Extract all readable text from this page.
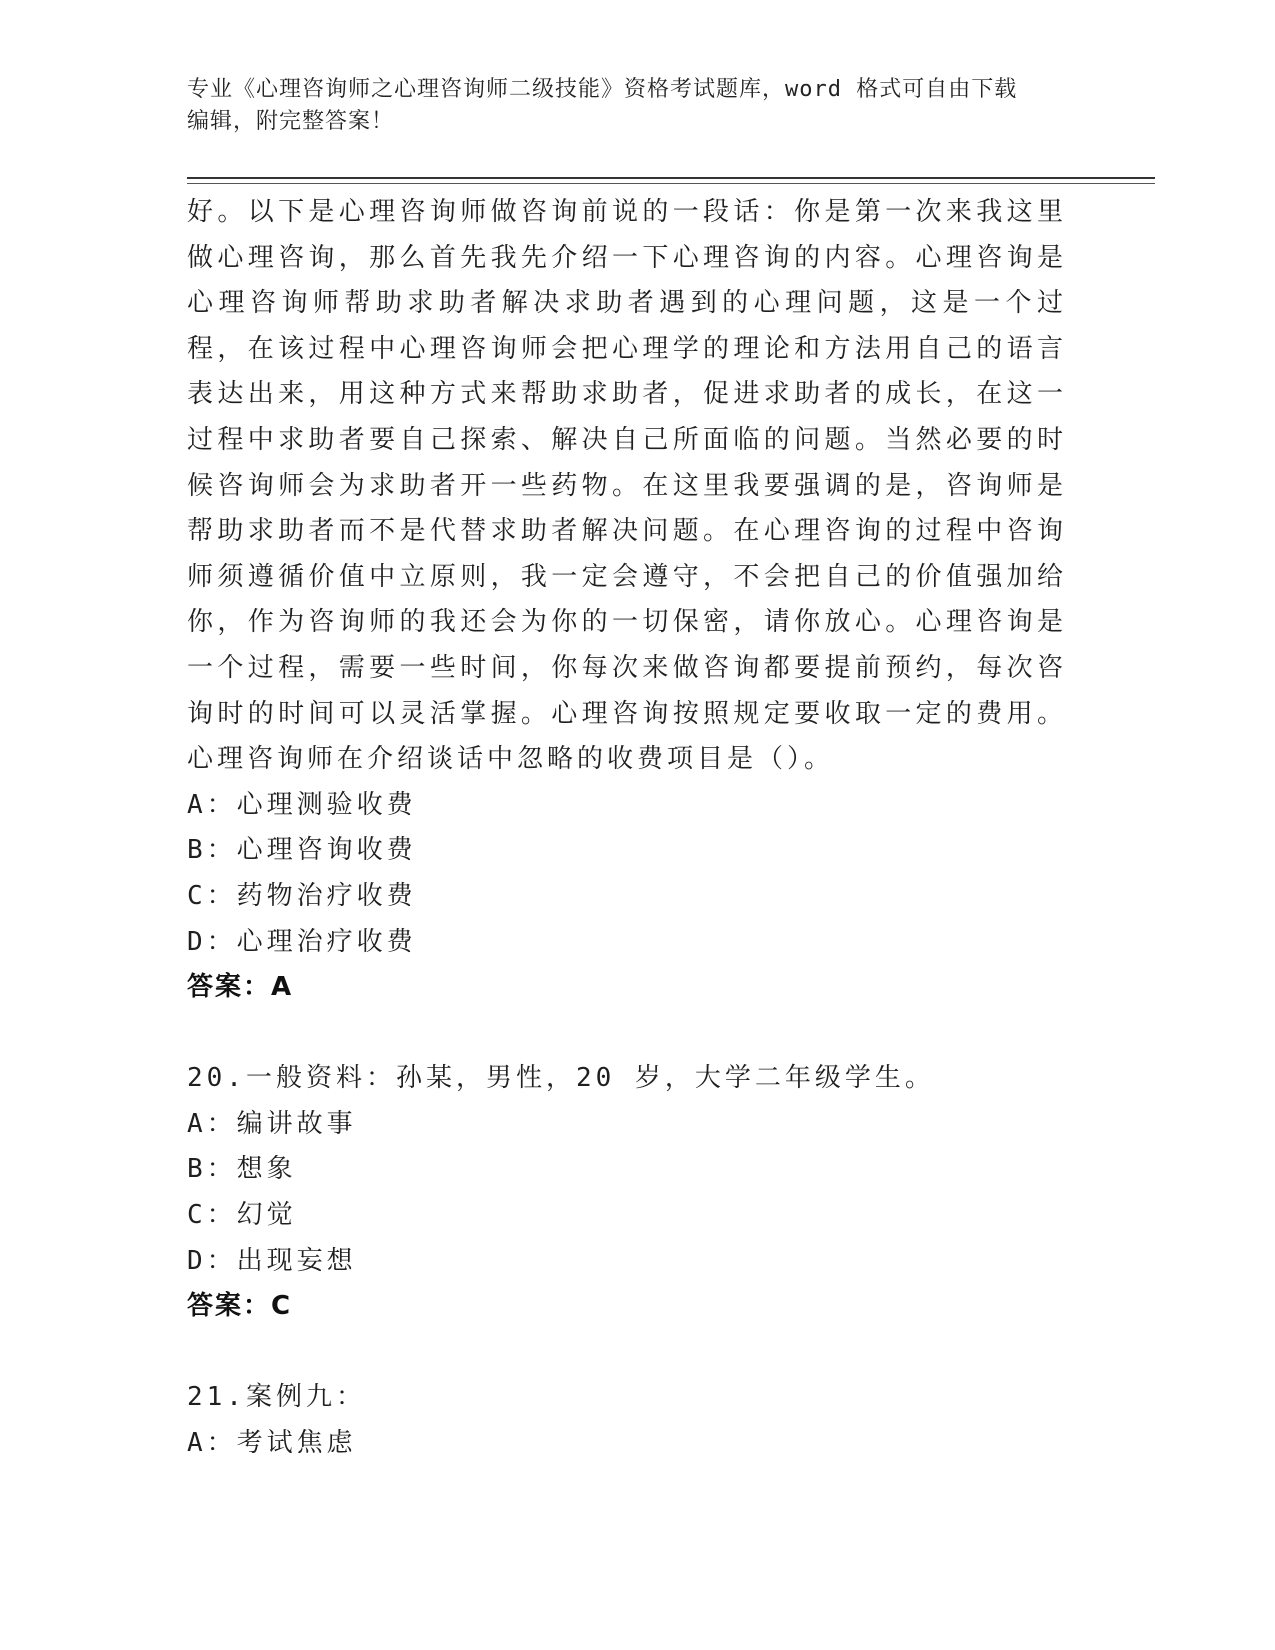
专业《心理咨询师之心理咨询师二级技能》资格考试题库，word 格式可自由下载
编辑，附完整答案！

好。以下是心理咨询师做咨询前说的一段话：你是第一次来我这里做心理咨询，那么首先我先介绍一下心理咨询的内容。心理咨询是心理咨询师帮助求助者解决求助者遇到的心理问题，这是一个过程，在该过程中心理咨询师会把心理学的理论和方法用自己的语言表达出来，用这种方式来帮助求助者，促进求助者的成长，在这一过程中求助者要自己探索、解决自己所面临的问题。当然必要的时候咨询师会为求助者开一些药物。在这里我要强调的是，咨询师是帮助求助者而不是代替求助者解决问题。在心理咨询的过程中咨询师须遵循价值中立原则，我一定会遵守，不会把自己的价值强加给你，作为咨询师的我还会为你的一切保密，请你放心。心理咨询是一个过程，需要一些时间，你每次来做咨询都要提前预约，每次咨询时的时间可以灵活掌握。心理咨询按照规定要收取一定的费用。心理咨询师在介绍谈话中忽略的收费项目是（）。

A：心理测验收费

B：心理咨询收费

C：药物治疗收费

D：心理治疗收费

答案：A

20.一般资料：孙某，男性，20 岁，大学二年级学生。

A：编讲故事

B：想象

C：幻觉

D：出现妄想

答案：C

21.案例九：

A：考试焦虑
